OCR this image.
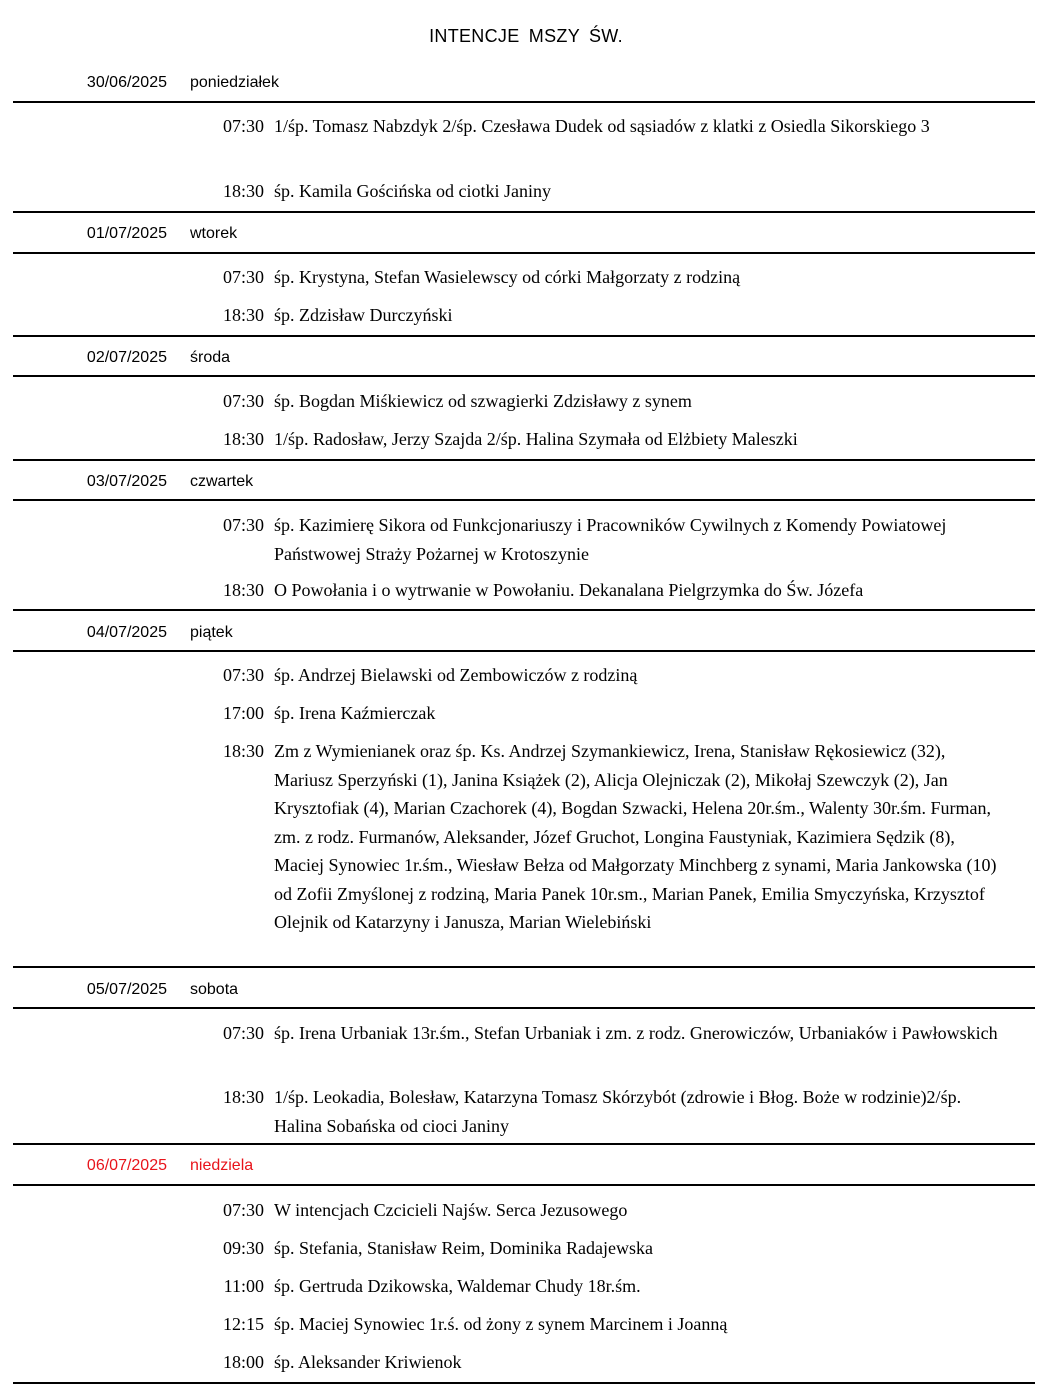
INTENCJE MSZY ŚW.
30/06/2025 poniedziałek
07:30 1/śp. Tomasz Nabzdyk 2/śp. Czesława Dudek od sąsiadów z klatki z Osiedla Sikorskiego 3
18:30 śp. Kamila Gościńska od ciotki Janiny
01/07/2025 wtorek
07:30 śp. Krystyna, Stefan Wasielewscy od córki Małgorzaty z rodziną
18:30 śp. Zdzisław Durczyński
02/07/2025 środa
07:30 śp. Bogdan Miśkiewicz od szwagierki Zdzisławy z synem
18:30 1/śp. Radosław, Jerzy Szajda 2/śp. Halina Szymała od Elżbiety Maleszki
03/07/2025 czwartek
07:30 śp. Kazimierę Sikora od Funkcjonariuszy i Pracowników Cywilnych z Komendy Powiatowej Państwowej Straży Pożarnej w Krotoszynie
18:30 O Powołania i o wytrwanie w Powołaniu. Dekanalana Pielgrzymka do Św. Józefa
04/07/2025 piątek
07:30 śp. Andrzej Bielawski od Zembowiczów z rodziną
17:00 śp. Irena Kaźmierczak
18:30 Zm z Wymienianek oraz śp. Ks. Andrzej Szymankiewicz, Irena, Stanisław Rękosiewicz (32), Mariusz Sperzyński (1), Janina Książek (2), Alicja Olejniczak (2), Mikołaj Szewczyk (2), Jan Krysztofiak (4), Marian Czachorek (4), Bogdan Szwacki, Helena 20r.śm., Walenty 30r.śm. Furman, zm. z rodz. Furmanów, Aleksander, Józef Gruchot, Longina Faustyniak, Kazimiera Sędzik (8), Maciej Synowiec 1r.śm., Wiesław Bełza od Małgorzaty Minchberg z synami, Maria Jankowska (10) od Zofii Zmyślonej z rodziną, Maria Panek 10r.sm., Marian Panek, Emilia Smyczyńska, Krzysztof Olejnik od Katarzyny i Janusza, Marian Wielebiński
05/07/2025 sobota
07:30 śp. Irena Urbaniak 13r.śm., Stefan Urbaniak i zm. z rodz. Gnerowiczów, Urbaniaków i Pawłowskich
18:30 1/śp. Leokadia, Bolesław, Katarzyna Tomasz Skórzybót (zdrowie i Błog. Boże w rodzinie)2/śp. Halina Sobańska od cioci Janiny
06/07/2025 niedziela
07:30 W intencjach Czcicieli Najśw. Serca Jezusowego
09:30 śp. Stefania, Stanisław Reim, Dominika Radajewska
11:00 śp. Gertruda Dzikowska, Waldemar Chudy 18r.śm.
12:15 śp. Maciej Synowiec 1r.ś. od żony z synem Marcinem i Joanną
18:00 śp. Aleksander Kriwienok
